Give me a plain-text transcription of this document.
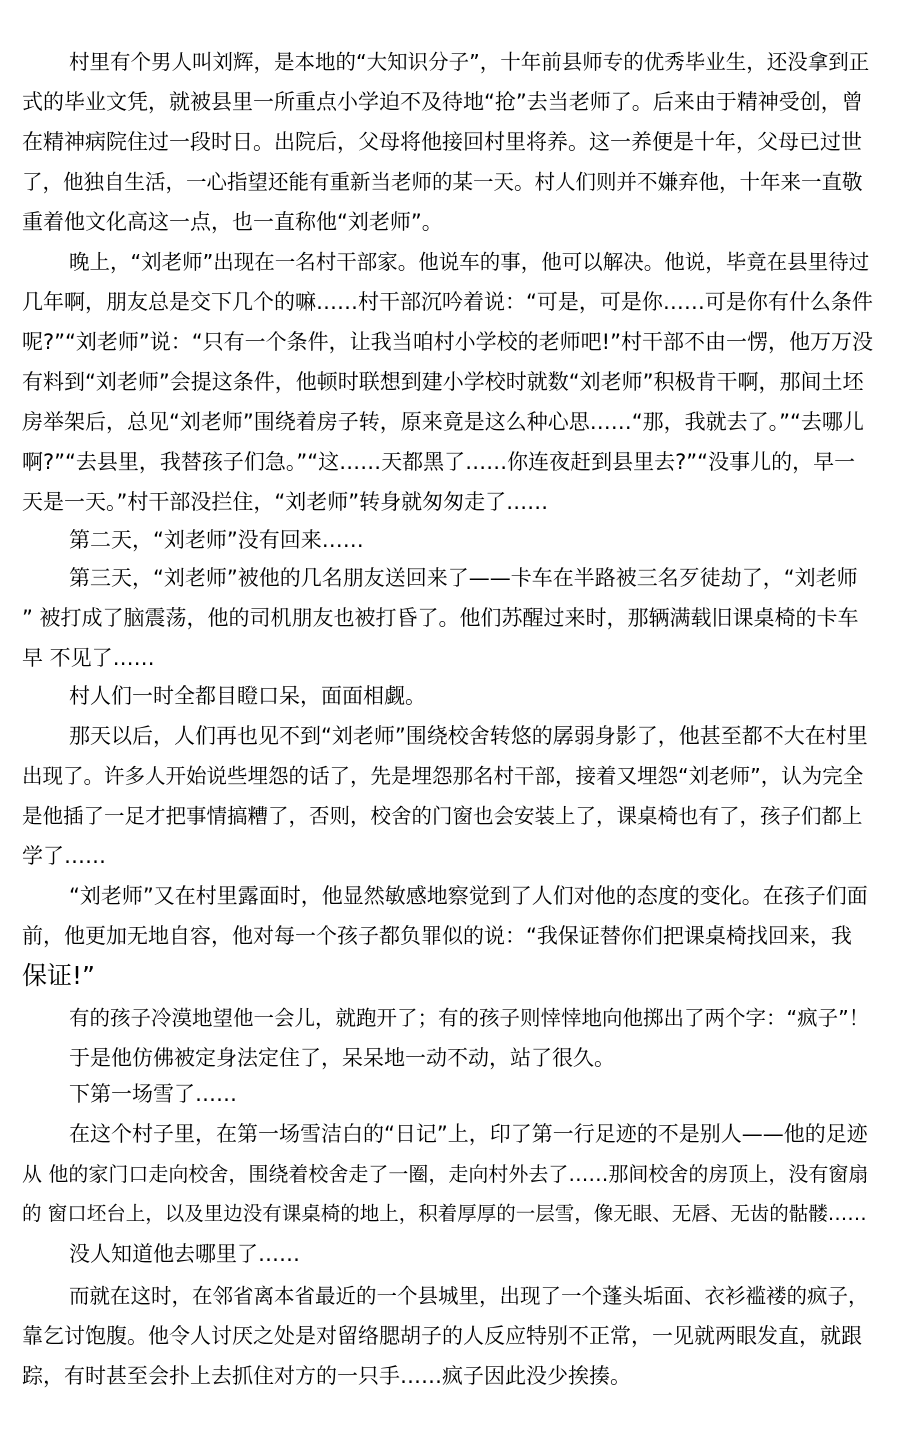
村里有个男人叫刘辉，是本地的“大知识分子”，十年前县师专的优秀毕业生，还没拿到正
式的毕业文凭，就被县里一所重点小学迫不及待地“抢”去当老师了。后来由于精神受创，曾
在精神病院住过一段时日。出院后，父母将他接回村里将养。这一养便是十年，父母已过世
了，他独自生活，一心指望还能有重新当老师的某一天。村人们则并不嫌弃他，十年来一直敬
重着他文化高这一点，也一直称他“刘老师”。
晚上，“刘老师”出现在一名村干部家。他说车的事，他可以解决。他说，毕竟在县里待过
几年啊，朋友总是交下几个的嘛……村干部沉吟着说：“可是，可是你……可是你有什么条件
呢?”“刘老师”说：“只有一个条件，让我当咱村小学校的老师吧!”村干部不由一愣，他万万没
有料到“刘老师”会提这条件，他顿时联想到建小学校时就数“刘老师”积极肯干啊，那间土坯
房举架后，总见“刘老师”围绕着房子转，原来竟是这么种心思……“那，我就去了。”“去哪儿
啊?”“去县里，我替孩子们急。”“这……天都黑了……你连夜赶到县里去?”“没事儿的，早一
天是一天。”村干部没拦住，“刘老师”转身就匆匆走了……
第二天，“刘老师”没有回来……
第三天，“刘老师”被他的几名朋友送回来了——卡车在半路被三名歹徒劫了，“刘老师
” 被打成了脑震荡，他的司机朋友也被打昏了。他们苏醒过来时，那辆满载旧课桌椅的卡车
早 不见了……
村人们一时全都目瞪口呆，面面相觑。
那天以后，人们再也见不到“刘老师”围绕校舍转悠的孱弱身影了，他甚至都不大在村里
出现了。许多人开始说些埋怨的话了，先是埋怨那名村干部，接着又埋怨“刘老师”，认为完全
是他插了一足才把事情搞糟了，否则，校舍的门窗也会安装上了，课桌椅也有了，孩子们都上
学了……
“刘老师”又在村里露面时，他显然敏感地察觉到了人们对他的态度的变化。在孩子们面
前，他更加无地自容，他对每一个孩子都负罪似的说：“我保证替你们把课桌椅找回来，我
保证!”
有的孩子冷漠地望他一会儿，就跑开了；有的孩子则悻悻地向他掷出了两个字：“疯子”！
于是他仿佛被定身法定住了，呆呆地一动不动，站了很久。
下第一场雪了……
在这个村子里，在第一场雪洁白的“日记”上，印了第一行足迹的不是别人——他的足迹
从 他的家门口走向校舍，围绕着校舍走了一圈，走向村外去了……那间校舍的房顶上，没有窗扇
的 窗口坯台上，以及里边没有课桌椅的地上，积着厚厚的一层雪，像无眼、无唇、无齿的骷髅……
没人知道他去哪里了……
而就在这时，在邻省离本省最近的一个县城里，出现了一个蓬头垢面、衣衫褴褛的疯子，
靠乞讨饱腹。他令人讨厌之处是对留络腮胡子的人反应特别不正常，一见就两眼发直，就跟
踪，有时甚至会扑上去抓住对方的一只手……疯子因此没少挨揍。
